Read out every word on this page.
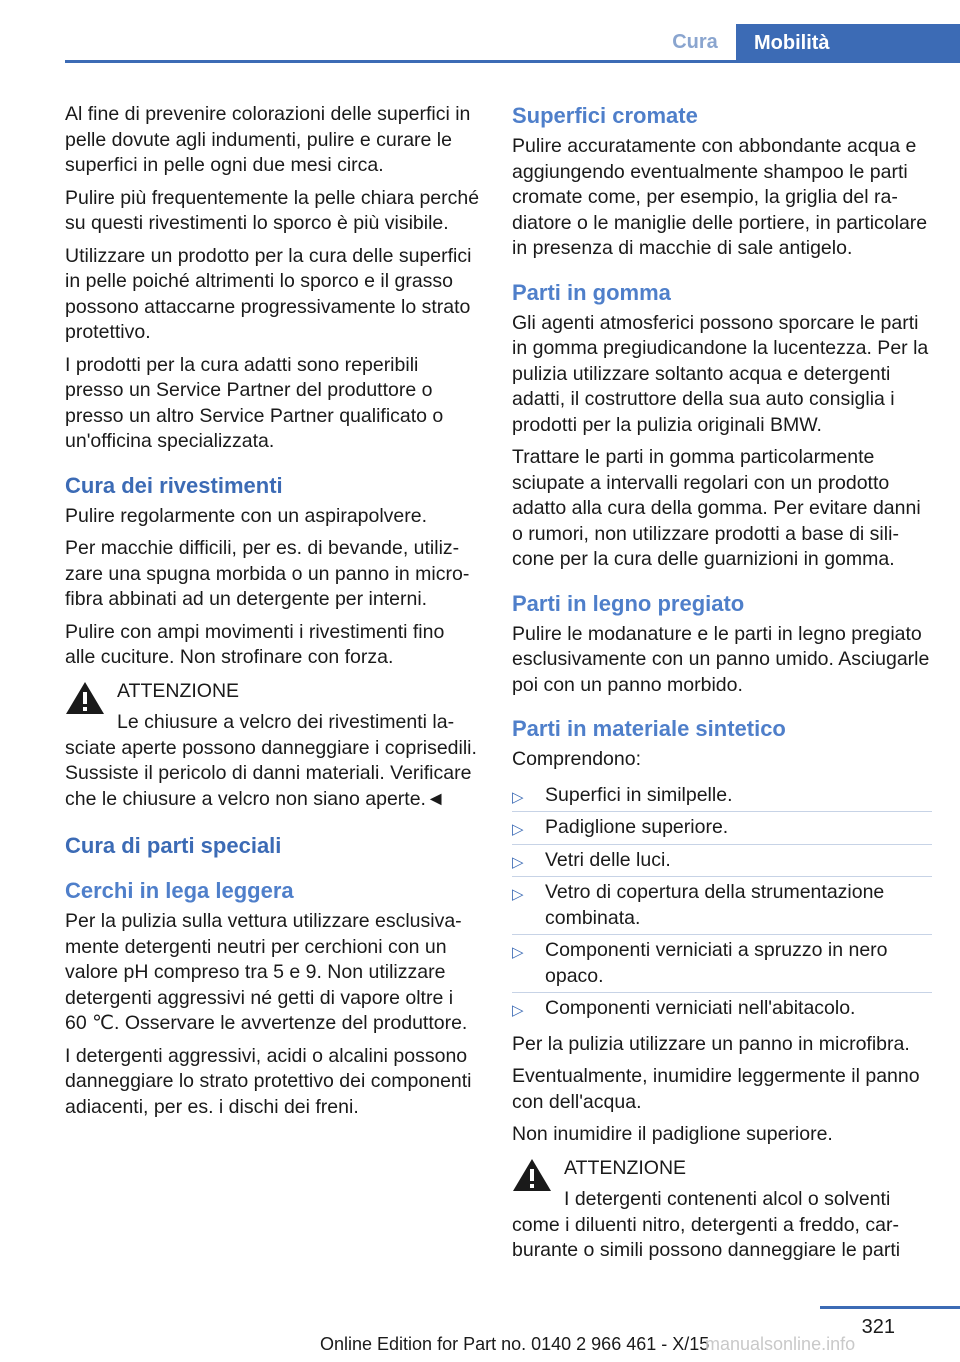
Cura	Mobilità

Al fine di prevenire colorazioni delle superfici in pelle dovute agli indumenti, pulire e curare le superfici in pelle ogni due mesi circa.

Pulire più frequentemente la pelle chiara perché su questi rivestimenti lo sporco è più visibile.

Utilizzare un prodotto per la cura delle superfici in pelle poiché altrimenti lo sporco e il grasso possono attaccarne progressivamente lo strato protettivo.

I prodotti per la cura adatti sono reperibili presso un Service Partner del produttore o presso un altro Service Partner qualificato o un'officina specializzata.

Cura dei rivestimenti

Pulire regolarmente con un aspirapolvere.

Per macchie difficili, per es. di bevande, utilizzare una spugna morbida o un panno in microfibra abbinati ad un detergente per interni.

Pulire con ampi movimenti i rivestimenti fino alle cuciture. Non strofinare con forza.

ATTENZIONE
Le chiusure a velcro dei rivestimenti lasciate aperte possono danneggiare i coprisedili. Sussiste il pericolo di danni materiali. Verificare che le chiusure a velcro non siano aperte.◄
Cura di parti speciali
Cerchi in lega leggera

Per la pulizia sulla vettura utilizzare esclusivamente detergenti neutri per cerchioni con un valore pH compreso tra 5 e 9. Non utilizzare detergenti aggressivi né getti di vapore oltre i 60 ℃. Osservare le avvertenze del produttore.

I detergenti aggressivi, acidi o alcalini possono danneggiare lo strato protettivo dei componenti adiacenti, per es. i dischi dei freni.

Superfici cromate

Pulire accuratamente con abbondante acqua e aggiungendo eventualmente shampoo le parti cromate come, per esempio, la griglia del radiatore o le maniglie delle portiere, in particolare in presenza di macchie di sale antigelo.

Parti in gomma

Gli agenti atmosferici possono sporcare le parti in gomma pregiudicandone la lucentezza. Per la pulizia utilizzare soltanto acqua e detergenti adatti, il costruttore della sua auto consiglia i prodotti per la pulizia originali BMW.

Trattare le parti in gomma particolarmente sciupate a intervalli regolari con un prodotto adatto alla cura della gomma. Per evitare danni o rumori, non utilizzare prodotti a base di silicone per la cura delle guarnizioni in gomma.

Parti in legno pregiato

Pulire le modanature e le parti in legno pregiato esclusivamente con un panno umido. Asciugarle poi con un panno morbido.

Parti in materiale sintetico

Comprendono:

▷ Superfici in similpelle.
▷ Padiglione superiore.
▷ Vetri delle luci.
▷ Vetro di copertura della strumentazione combinata.
▷ Componenti verniciati a spruzzo in nero opaco.
▷ Componenti verniciati nell'abitacolo.

Per la pulizia utilizzare un panno in microfibra.

Eventualmente, inumidire leggermente il panno con dell'acqua.

Non inumidire il padiglione superiore.

ATTENZIONE
I detergenti contenenti alcol o solventi come i diluenti nitro, detergenti a freddo, carburante o simili possono danneggiare le parti
321
Online Edition for Part no. 0140 2 966 461 - X/15
manualsonline.info
